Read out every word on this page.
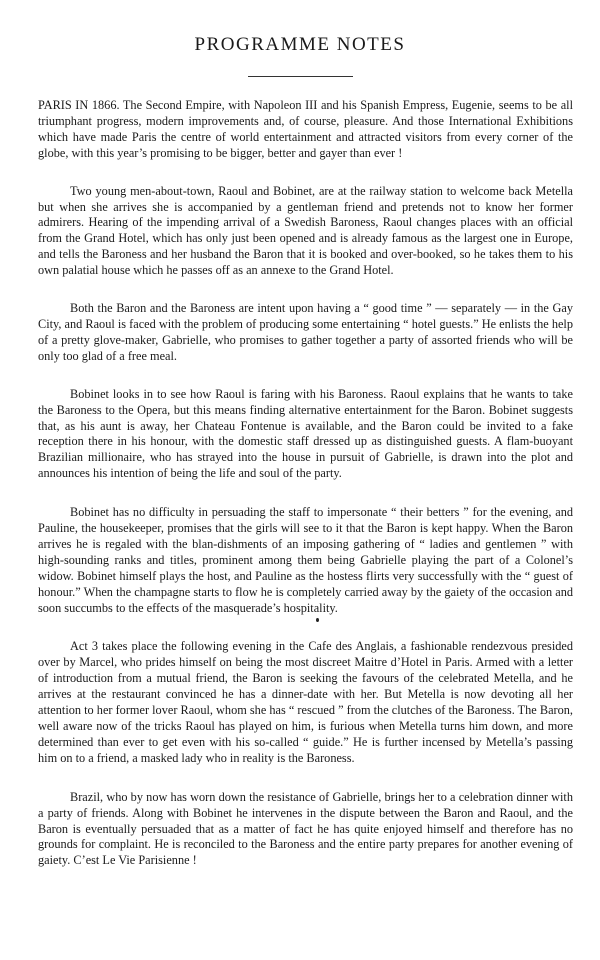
PROGRAMME NOTES

PARIS IN 1866. The Second Empire, with Napoleon III and his Spanish Empress, Eugenie, seems to be all triumphant progress, modern improvements and, of course, pleasure. And those International Exhibitions which have made Paris the centre of world entertainment and attracted visitors from every corner of the globe, with this year’s promising to be bigger, better and gayer than ever !

Two young men-about-town, Raoul and Bobinet, are at the railway station to welcome back Metella but when she arrives she is accompanied by a gentleman friend and pretends not to know her former admirers. Hearing of the impending arrival of a Swedish Baroness, Raoul changes places with an official from the Grand Hotel, which has only just been opened and is already famous as the largest one in Europe, and tells the Baroness and her husband the Baron that it is booked and over-booked, so he takes them to his own palatial house which he passes off as an annexe to the Grand Hotel.

Both the Baron and the Baroness are intent upon having a “ good time ” — separately — in the Gay City, and Raoul is faced with the problem of producing some entertaining “ hotel guests.” He enlists the help of a pretty glove-maker, Gabrielle, who promises to gather together a party of assorted friends who will be only too glad of a free meal.

Bobinet looks in to see how Raoul is faring with his Baroness. Raoul explains that he wants to take the Baroness to the Opera, but this means finding alternative entertainment for the Baron. Bobinet suggests that, as his aunt is away, her Chateau Fontenue is available, and the Baron could be invited to a fake reception there in his honour, with the domestic staff dressed up as distinguished guests. A flam-buoyant Brazilian millionaire, who has strayed into the house in pursuit of Gabrielle, is drawn into the plot and announces his intention of being the life and soul of the party.

Bobinet has no difficulty in persuading the staff to impersonate “ their betters ” for the evening, and Pauline, the housekeeper, promises that the girls will see to it that the Baron is kept happy. When the Baron arrives he is regaled with the blan-dishments of an imposing gathering of “ ladies and gentlemen ” with high-sounding ranks and titles, prominent among them being Gabrielle playing the part of a Colonel’s widow. Bobinet himself plays the host, and Pauline as the hostess flirts very successfully with the “ guest of honour.” When the champagne starts to flow he is completely carried away by the gaiety of the occasion and soon succumbs to the effects of the masquerade’s hospitality.

Act 3 takes place the following evening in the Cafe des Anglais, a fashionable rendezvous presided over by Marcel, who prides himself on being the most discreet Maitre d’Hotel in Paris. Armed with a letter of introduction from a mutual friend, the Baron is seeking the favours of the celebrated Metella, and he arrives at the restaurant convinced he has a dinner-date with her. But Metella is now devoting all her attention to her former lover Raoul, whom she has “ rescued ” from the clutches of the Baroness. The Baron, well aware now of the tricks Raoul has played on him, is furious when Metella turns him down, and more determined than ever to get even with his so-called “ guide.” He is further incensed by Metella’s passing him on to a friend, a masked lady who in reality is the Baroness.

Brazil, who by now has worn down the resistance of Gabrielle, brings her to a celebration dinner with a party of friends. Along with Bobinet he intervenes in the dispute between the Baron and Raoul, and the Baron is eventually persuaded that as a matter of fact he has quite enjoyed himself and therefore has no grounds for complaint. He is reconciled to the Baroness and the entire party prepares for another evening of gaiety. C’est Le Vie Parisienne !
